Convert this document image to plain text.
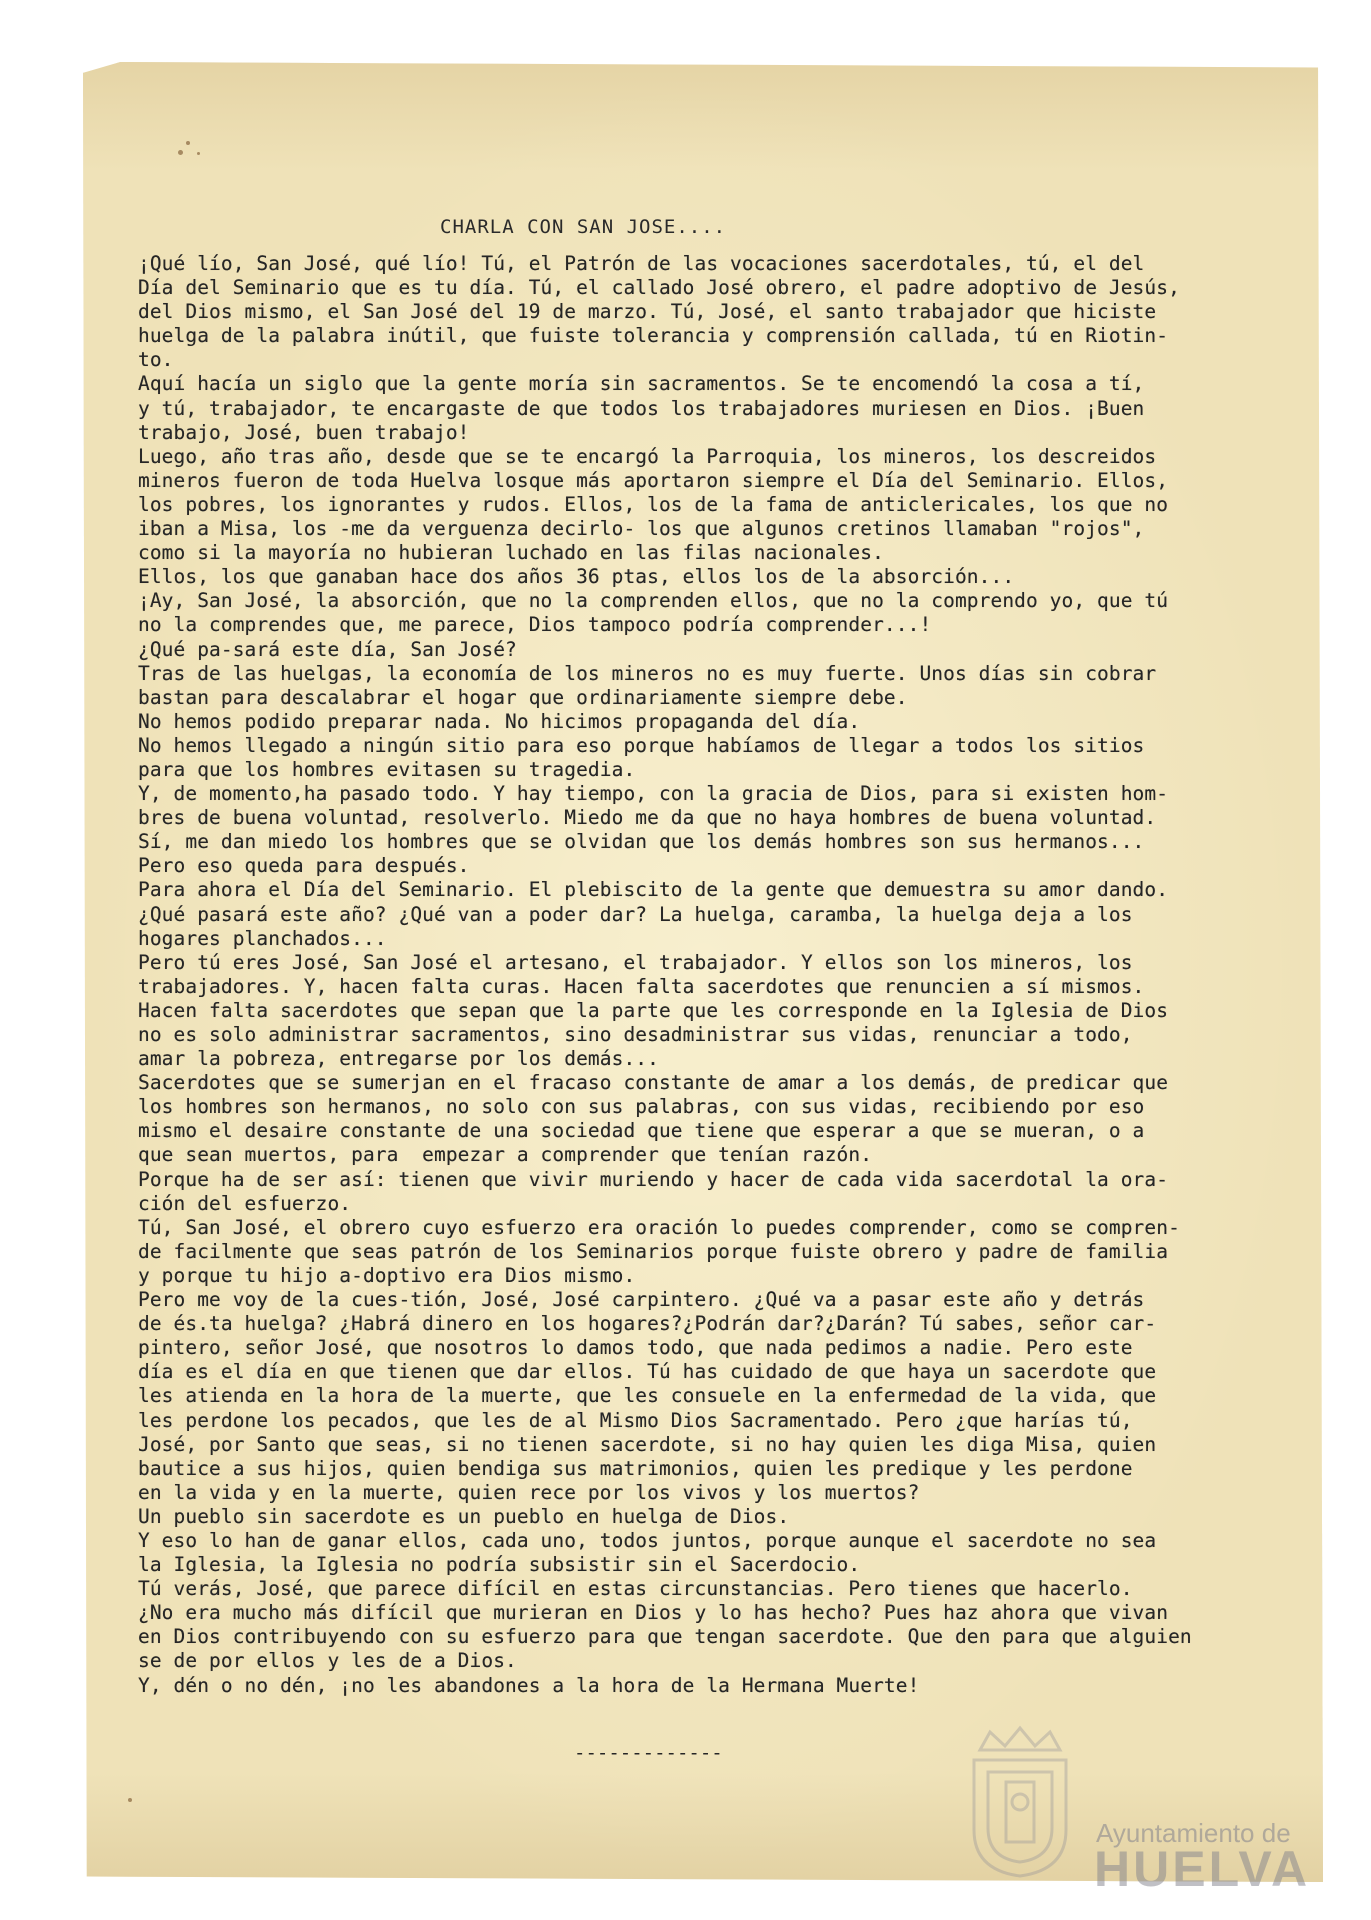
CHARLA CON SAN JOSE....
¡Qué lío, San José, qué lío! Tú, el Patrón de las vocaciones sacerdotales, tú, el del
Día del Seminario que es tu día. Tú, el callado José obrero, el padre adoptivo de Jesús,
del Dios mismo, el San José del 19 de marzo. Tú, José, el santo trabajador que hiciste
huelga de la palabra inútil, que fuiste tolerancia y comprensión callada, tú en Riotin-
to.
Aquí hacía un siglo que la gente moría sin sacramentos. Se te encomendó la cosa a tí,
y tú, trabajador, te encargaste de que todos los trabajadores muriesen en Dios. ¡Buen
trabajo, José, buen trabajo!
Luego, año tras año, desde que se te encargó la Parroquia, los mineros, los descreidos
mineros fueron de toda Huelva losque más aportaron siempre el Día del Seminario. Ellos,
los pobres, los ignorantes y rudos. Ellos, los de la fama de anticlericales, los que no
iban a Misa, los -me da verguenza decirlo- los que algunos cretinos llamaban "rojos",
como si la mayoría no hubieran luchado en las filas nacionales.
Ellos, los que ganaban hace dos años 36 ptas, ellos los de la absorción...
¡Ay, San José, la absorción, que no la comprenden ellos, que no la comprendo yo, que tú
no la comprendes que, me parece, Dios tampoco podría comprender...!
¿Qué pa-sará este día, San José?
Tras de las huelgas, la economía de los mineros no es muy fuerte. Unos días sin cobrar
bastan para descalabrar el hogar que ordinariamente siempre debe.
No hemos podido preparar nada. No hicimos propaganda del día.
No hemos llegado a ningún sitio para eso porque habíamos de llegar a todos los sitios
para que los hombres evitasen su tragedia.
Y, de momento,ha pasado todo. Y hay tiempo, con la gracia de Dios, para si existen hom-
bres de buena voluntad, resolverlo. Miedo me da que no haya hombres de buena voluntad.
Sí, me dan miedo los hombres que se olvidan que los demás hombres son sus hermanos...
Pero eso queda para después.
Para ahora el Día del Seminario. El plebiscito de la gente que demuestra su amor dando.
¿Qué pasará este año? ¿Qué van a poder dar? La huelga, caramba, la huelga deja a los
hogares planchados...
Pero tú eres José, San José el artesano, el trabajador. Y ellos son los mineros, los
trabajadores. Y, hacen falta curas. Hacen falta sacerdotes que renuncien a sí mismos.
Hacen falta sacerdotes que sepan que la parte que les corresponde en la Iglesia de Dios
no es solo administrar sacramentos, sino desadministrar sus vidas, renunciar a todo,
amar la pobreza, entregarse por los demás...
Sacerdotes que se sumerjan en el fracaso constante de amar a los demás, de predicar que
los hombres son hermanos, no solo con sus palabras, con sus vidas, recibiendo por eso
mismo el desaire constante de una sociedad que tiene que esperar a que se mueran, o a
que sean muertos, para  empezar a comprender que tenían razón.
Porque ha de ser así: tienen que vivir muriendo y hacer de cada vida sacerdotal la ora-
ción del esfuerzo.
Tú, San José, el obrero cuyo esfuerzo era oración lo puedes comprender, como se compren-
de facilmente que seas patrón de los Seminarios porque fuiste obrero y padre de familia
y porque tu hijo a-doptivo era Dios mismo.
Pero me voy de la cues-tión, José, José carpintero. ¿Qué va a pasar este año y detrás
de és.ta huelga? ¿Habrá dinero en los hogares?¿Podrán dar?¿Darán? Tú sabes, señor car-
pintero, señor José, que nosotros lo damos todo, que nada pedimos a nadie. Pero este
día es el día en que tienen que dar ellos. Tú has cuidado de que haya un sacerdote que
les atienda en la hora de la muerte, que les consuele en la enfermedad de la vida, que
les perdone los pecados, que les de al Mismo Dios Sacramentado. Pero ¿que harías tú,
José, por Santo que seas, si no tienen sacerdote, si no hay quien les diga Misa, quien
bautice a sus hijos, quien bendiga sus matrimonios, quien les predique y les perdone
en la vida y en la muerte, quien rece por los vivos y los muertos?
Un pueblo sin sacerdote es un pueblo en huelga de Dios.
Y eso lo han de ganar ellos, cada uno, todos juntos, porque aunque el sacerdote no sea
la Iglesia, la Iglesia no podría subsistir sin el Sacerdocio.
Tú verás, José, que parece difícil en estas circunstancias. Pero tienes que hacerlo.
¿No era mucho más difícil que murieran en Dios y lo has hecho? Pues haz ahora que vivan
en Dios contribuyendo con su esfuerzo para que tengan sacerdote. Que den para que alguien
se de por ellos y les de a Dios.
Y, dén o no dén, ¡no les abandones a la hora de la Hermana Muerte!

-------------

Ayuntamiento de

HUELVA
